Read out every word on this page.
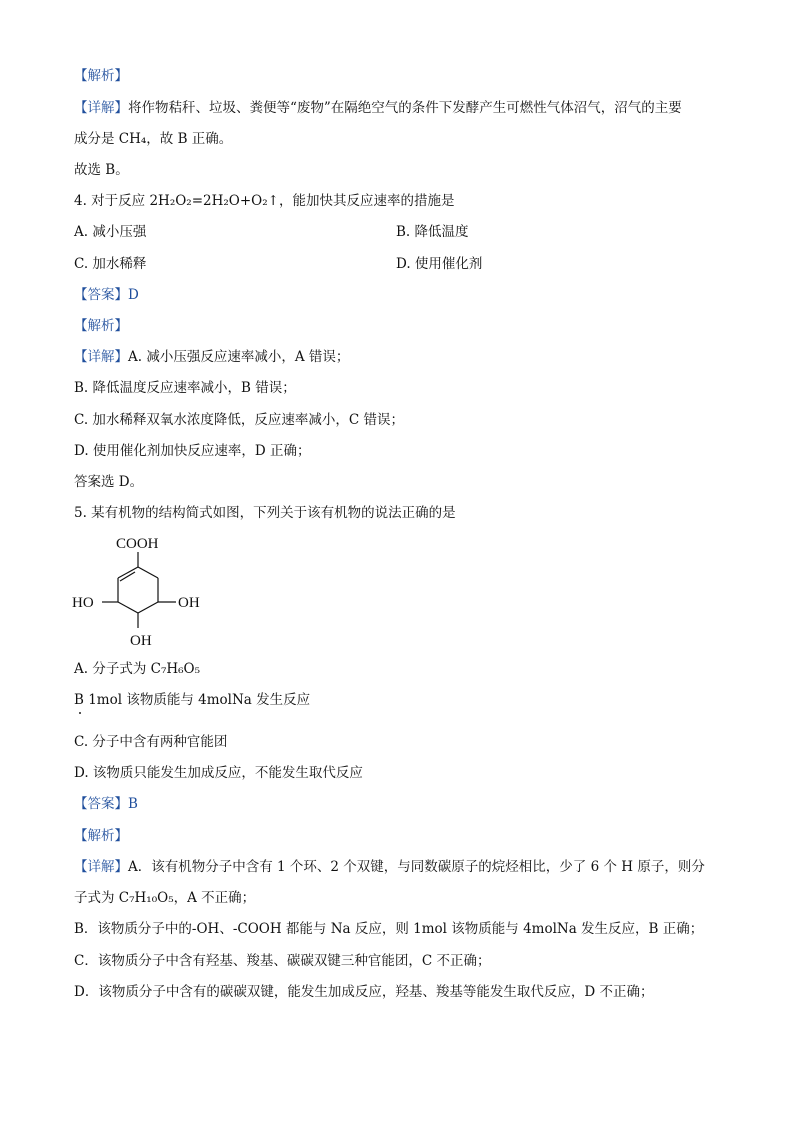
【解析】
【详解】将作物秸秆、垃圾、粪便等“废物”在隔绝空气的条件下发酵产生可燃性气体沼气，沼气的主要
成分是 CH₄，故 B 正确。
故选 B。
4. 对于反应 2H₂O₂=2H₂O+O₂↑，能加快其反应速率的措施是
A. 减小压强	B. 降低温度
C. 加水稀释	D. 使用催化剂
【答案】D
【解析】
【详解】A. 减小压强反应速率减小，A 错误；
B. 降低温度反应速率减小，B 错误；
C. 加水稀释双氧水浓度降低，反应速率减小，C 错误；
D. 使用催化剂加快反应速率，D 正确；
答案选 D。
5. 某有机物的结构简式如图，下列关于该有机物的说法正确的是
COOH
HO	OH
OH
A. 分子式为 C₇H₆O₅
B 1mol 该物质能与 4molNa 发生反应
C. 分子中含有两种官能团
D. 该物质只能发生加成反应，不能发生取代反应
【答案】B
【解析】
【详解】A．该有机物分子中含有 1 个环、2 个双键，与同数碳原子的烷烃相比，少了 6 个 H 原子，则分
子式为 C₇H₁₀O₅，A 不正确；
B．该物质分子中的-OH、-COOH 都能与 Na 反应，则 1mol 该物质能与 4molNa 发生反应，B 正确；
C．该物质分子中含有羟基、羧基、碳碳双键三种官能团，C 不正确；
D．该物质分子中含有的碳碳双键，能发生加成反应，羟基、羧基等能发生取代反应，D 不正确；
